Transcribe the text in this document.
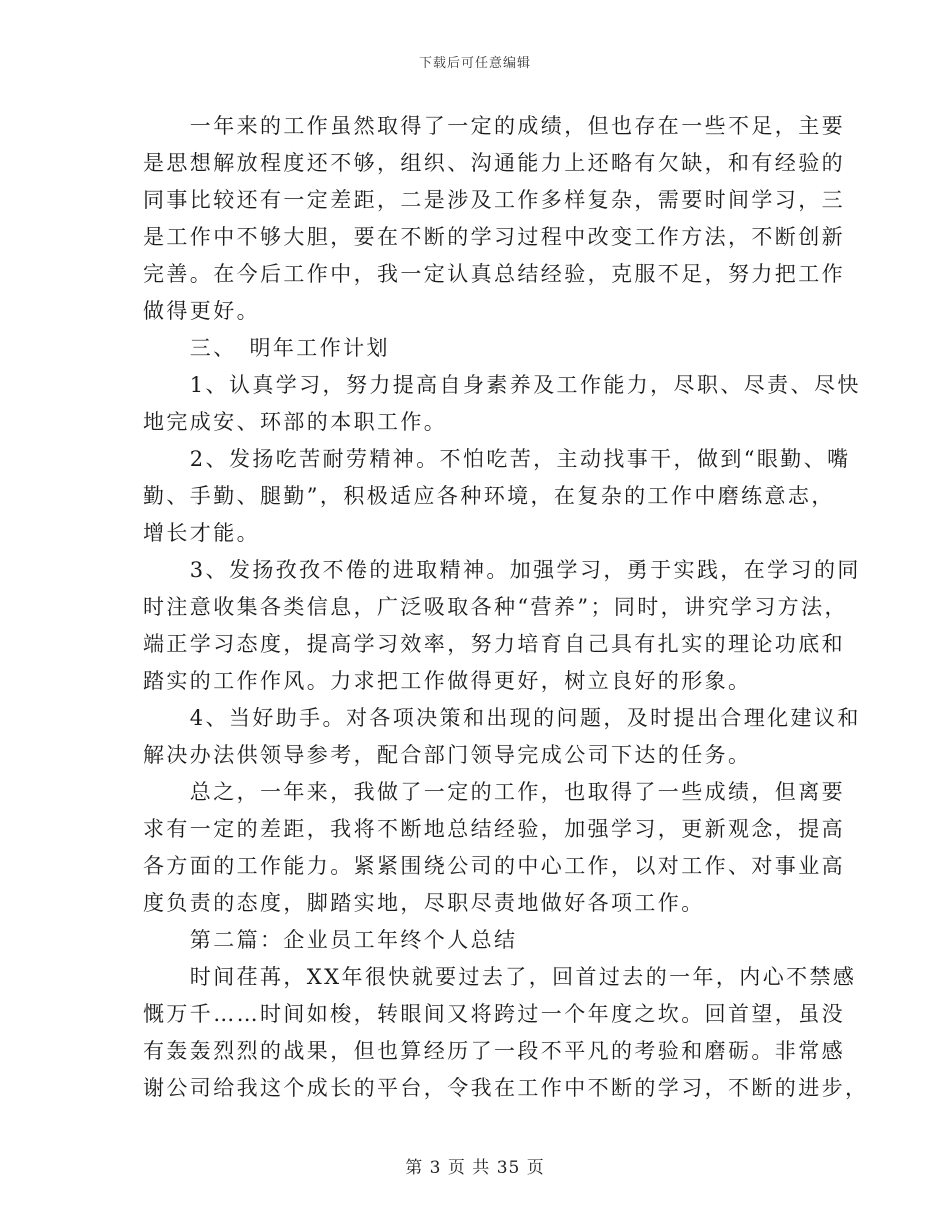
下载后可任意编辑
　　一年来的工作虽然取得了一定的成绩，但也存在一些不足，主要
是思想解放程度还不够，组织、沟通能力上还略有欠缺，和有经验的
同事比较还有一定差距，二是涉及工作多样复杂，需要时间学习，三
是工作中不够大胆，要在不断的学习过程中改变工作方法，不断创新
完善。在今后工作中，我一定认真总结经验，克服不足，努力把工作
做得更好。
　　三、　明年工作计划
　　1、认真学习，努力提高自身素养及工作能力，尽职、尽责、尽快
地完成安、环部的本职工作。
　　2、发扬吃苦耐劳精神。不怕吃苦，主动找事干，做到“眼勤、嘴
勤、手勤、腿勤”，积极适应各种环境，在复杂的工作中磨练意志，
增长才能。
　　3、发扬孜孜不倦的进取精神。加强学习，勇于实践，在学习的同
时注意收集各类信息，广泛吸取各种“营养”；同时，讲究学习方法，
端正学习态度，提高学习效率，努力培育自己具有扎实的理论功底和
踏实的工作作风。力求把工作做得更好，树立良好的形象。
　　4、当好助手。对各项决策和出现的问题，及时提出合理化建议和
解决办法供领导参考，配合部门领导完成公司下达的任务。
　　总之，一年来，我做了一定的工作，也取得了一些成绩，但离要
求有一定的差距，我将不断地总结经验，加强学习，更新观念，提高
各方面的工作能力。紧紧围绕公司的中心工作，以对工作、对事业高
度负责的态度，脚踏实地，尽职尽责地做好各项工作。
　　第二篇：企业员工年终个人总结
　　时间荏苒，XX年很快就要过去了，回首过去的一年，内心不禁感
慨万千……时间如梭，转眼间又将跨过一个年度之坎。回首望，虽没
有轰轰烈烈的战果，但也算经历了一段不平凡的考验和磨砺。非常感
谢公司给我这个成长的平台，令我在工作中不断的学习，不断的进步，
第 3 页 共 35 页
